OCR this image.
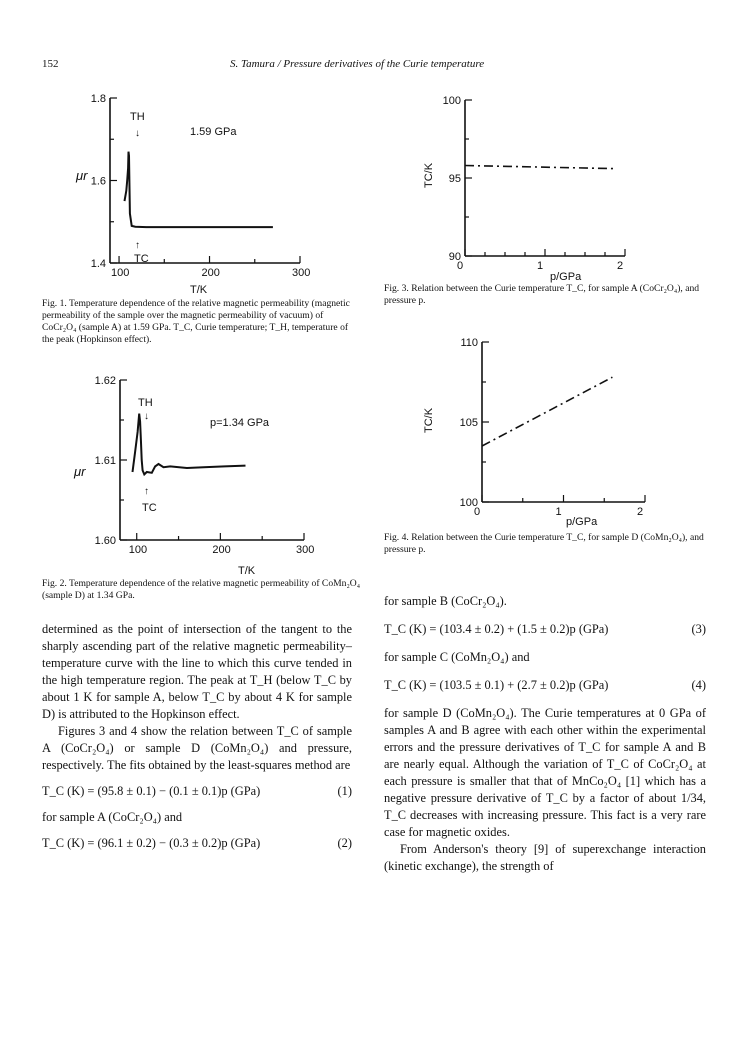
152	S. Tamura / Pressure derivatives of the Curie temperature
μr
T/K
1.59 GPa
TH
↓
TC
↑
100	200	300
1.8
1.6
1.4
Fig. 1. Temperature dependence of the relative magnetic permeability (magnetic permeability of the sample over the magnetic permeability of vacuum) of CoCr₂O₄ (sample A) at 1.59 GPa. T_C, Curie temperature; T_H, temperature of the peak (Hopkinson effect).
μr
T/K
p=1.34 GPa
TH
↓
TC
↑
100	200	300
1.62
1.61
1.60
Fig. 2. Temperature dependence of the relative magnetic permeability of CoMn₂O₄ (sample D) at 1.34 GPa.
TC/K
p/GPa
0	1	2
100
95
90
Fig. 3. Relation between the Curie temperature T_C, for sample A (CoCr₂O₄), and pressure p.
TC/K
p/GPa
0	1	2
110
105
100
Fig. 4. Relation between the Curie temperature T_C, for sample D (CoMn₂O₄), and pressure p.

determined as the point of intersection of the tangent to the sharply ascending part of the relative magnetic permeability–temperature curve with the line to which this curve tended in the high temperature region. The peak at T_H (below T_C by about 1 K for sample A, below T_C by about 4 K for sample D) is attributed to the Hopkinson effect.

Figures 3 and 4 show the relation between T_C of sample A (CoCr₂O₄) or sample D (CoMn₂O₄) and pressure, respectively. The fits obtained by the least-squares method are

T_C (K) = (95.8 ± 0.1) − (0.1 ± 0.1)p (GPa)	(1)

for sample A (CoCr₂O₄) and

T_C (K) = (96.1 ± 0.2) − (0.3 ± 0.2)p (GPa)	(2)

for sample B (CoCr₂O₄).

T_C (K) = (103.4 ± 0.2) + (1.5 ± 0.2)p (GPa)	(3)

for sample C (CoMn₂O₄) and

T_C (K) = (103.5 ± 0.1) + (2.7 ± 0.2)p (GPa)	(4)

for sample D (CoMn₂O₄). The Curie temperatures at 0 GPa of samples A and B agree with each other within the experimental errors and the pressure derivatives of T_C for sample A and B are nearly equal. Although the variation of T_C of CoCr₂O₄ at each pressure is smaller that that of MnCo₂O₄ [1] which has a negative pressure derivative of T_C by a factor of about 1/34, T_C decreases with increasing pressure. This fact is a very rare case for magnetic oxides.

From Anderson's theory [9] of superexchange interaction (kinetic exchange), the strength of
